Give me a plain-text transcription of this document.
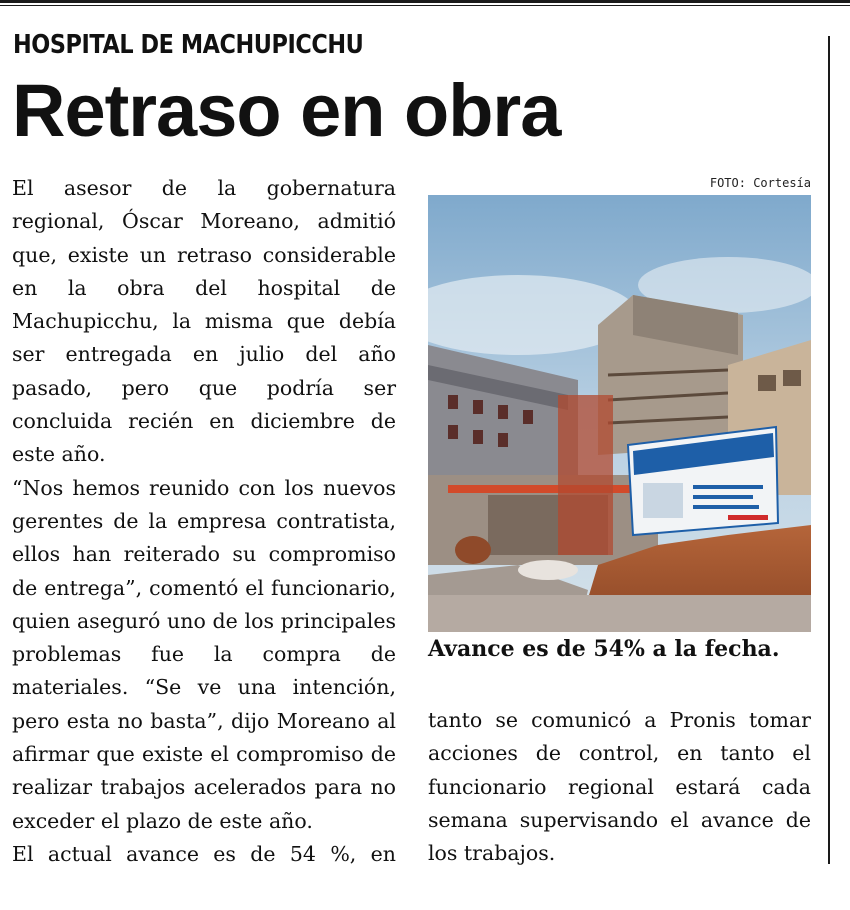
HOSPITAL DE MACHUPICCHU
Retraso en obra

El asesor de la gobernatura regional, Óscar Moreano, admitió que, existe un retraso considerable en la obra del hospital de Machupicchu, la misma que debía ser entregada en julio del año pasado, pero que podría ser concluida recién en diciembre de este año.

“Nos hemos reunido con los nuevos gerentes de la empresa contratista, ellos han reiterado su compromiso de entrega”, comentó el funcionario, quien aseguró uno de los principales problemas fue la compra de materiales. “Se ve una intención, pero esta no basta”, dijo Moreano al afirmar que existe el compromiso de realizar trabajos acelerados para no exceder el plazo de este año.

El actual avance es de 54 %, en

FOTO: Cortesía
Avance es de 54% a la fecha.

tanto se comunicó a Pronis tomar acciones de control, en tanto el funcionario regional estará cada semana supervisando el avance de los trabajos.
